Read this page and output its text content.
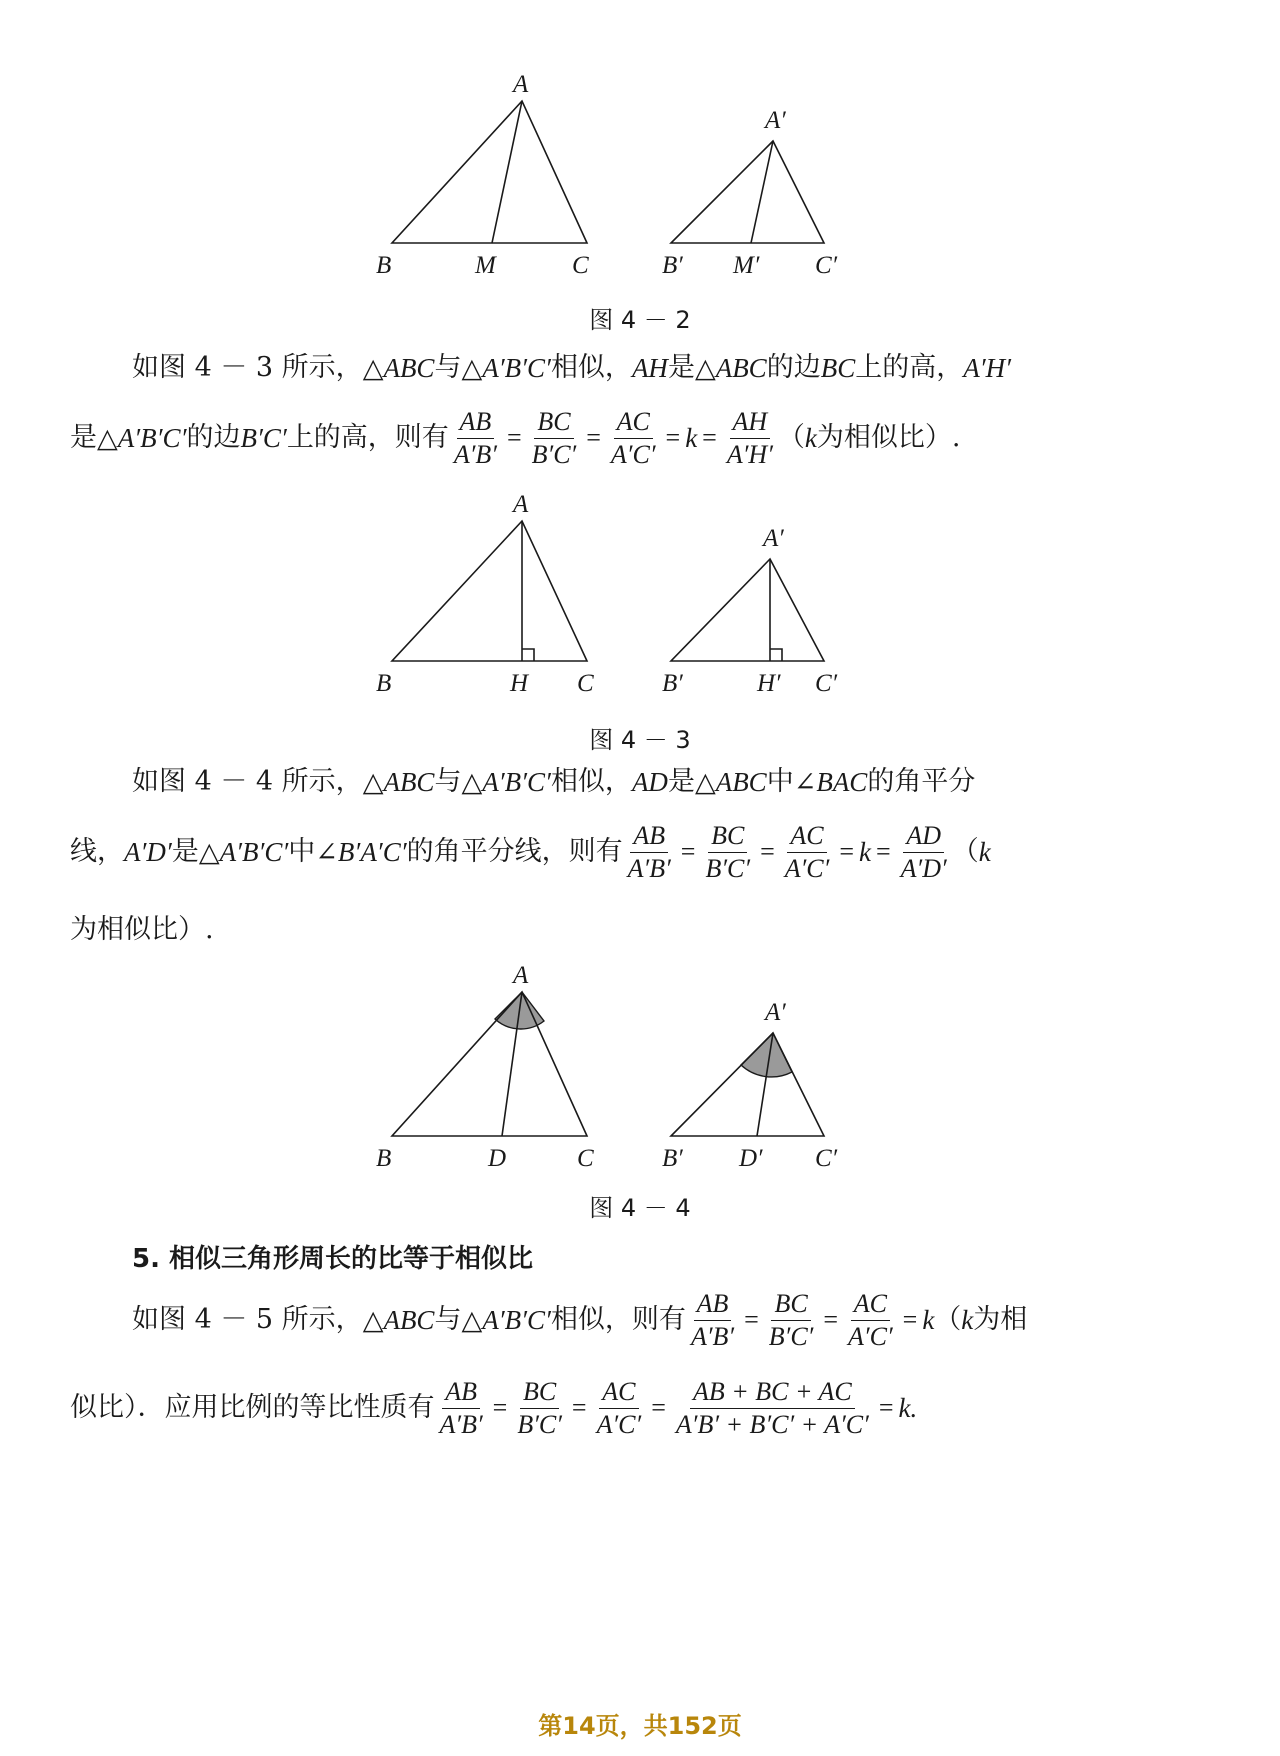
A
B	M	C
A′
B′ M′ C′

图 4 － 2

如图 4 － 3 所示， △ABC 与 △A′B′C′ 相似， AH 是 △ABC 的边 BC 上的高， A′H′

是 △A′B′C′ 的边 B′C′ 上的高，则有 $\frac{AB}{A'B'} = \frac{BC}{B'C'} = \frac{AC}{A'C'} = k = \frac{AH}{A'H'}$ （ k 为相似比）.

A
B	H C
A′
B′	H′ C′

图 4 － 3

如图 4 － 4 所示， △ABC 与 △A′B′C′ 相似， AD 是 △ABC 中 ∠BAC 的角平分

线， A′D′ 是 △A′B′C′ 中 ∠B′A′C′ 的角平分线，则有 $\frac{AB}{A'B'} = \frac{BC}{B'C'} = \frac{AC}{A'C'} = k = \frac{AD}{A'D'}$ （ k

为相似比）.

A
B	D	C
A′
B′ D′ C′

图 4 － 4

5. 相似三角形周长的比等于相似比

如图 4 － 5 所示， △ABC 与 △A′B′C′ 相似，则有 $\frac{AB}{A'B'} = \frac{BC}{B'C'} = \frac{AC}{A'C'} = k$ （ k 为相

似比）．应用比例的等比性质有 $\frac{AB}{A'B'} = \frac{BC}{B'C'} = \frac{AC}{A'C'} = \frac{AB + BC + AC}{A'B' + B'C' + A'C'} = k$.

第14页，共152页
